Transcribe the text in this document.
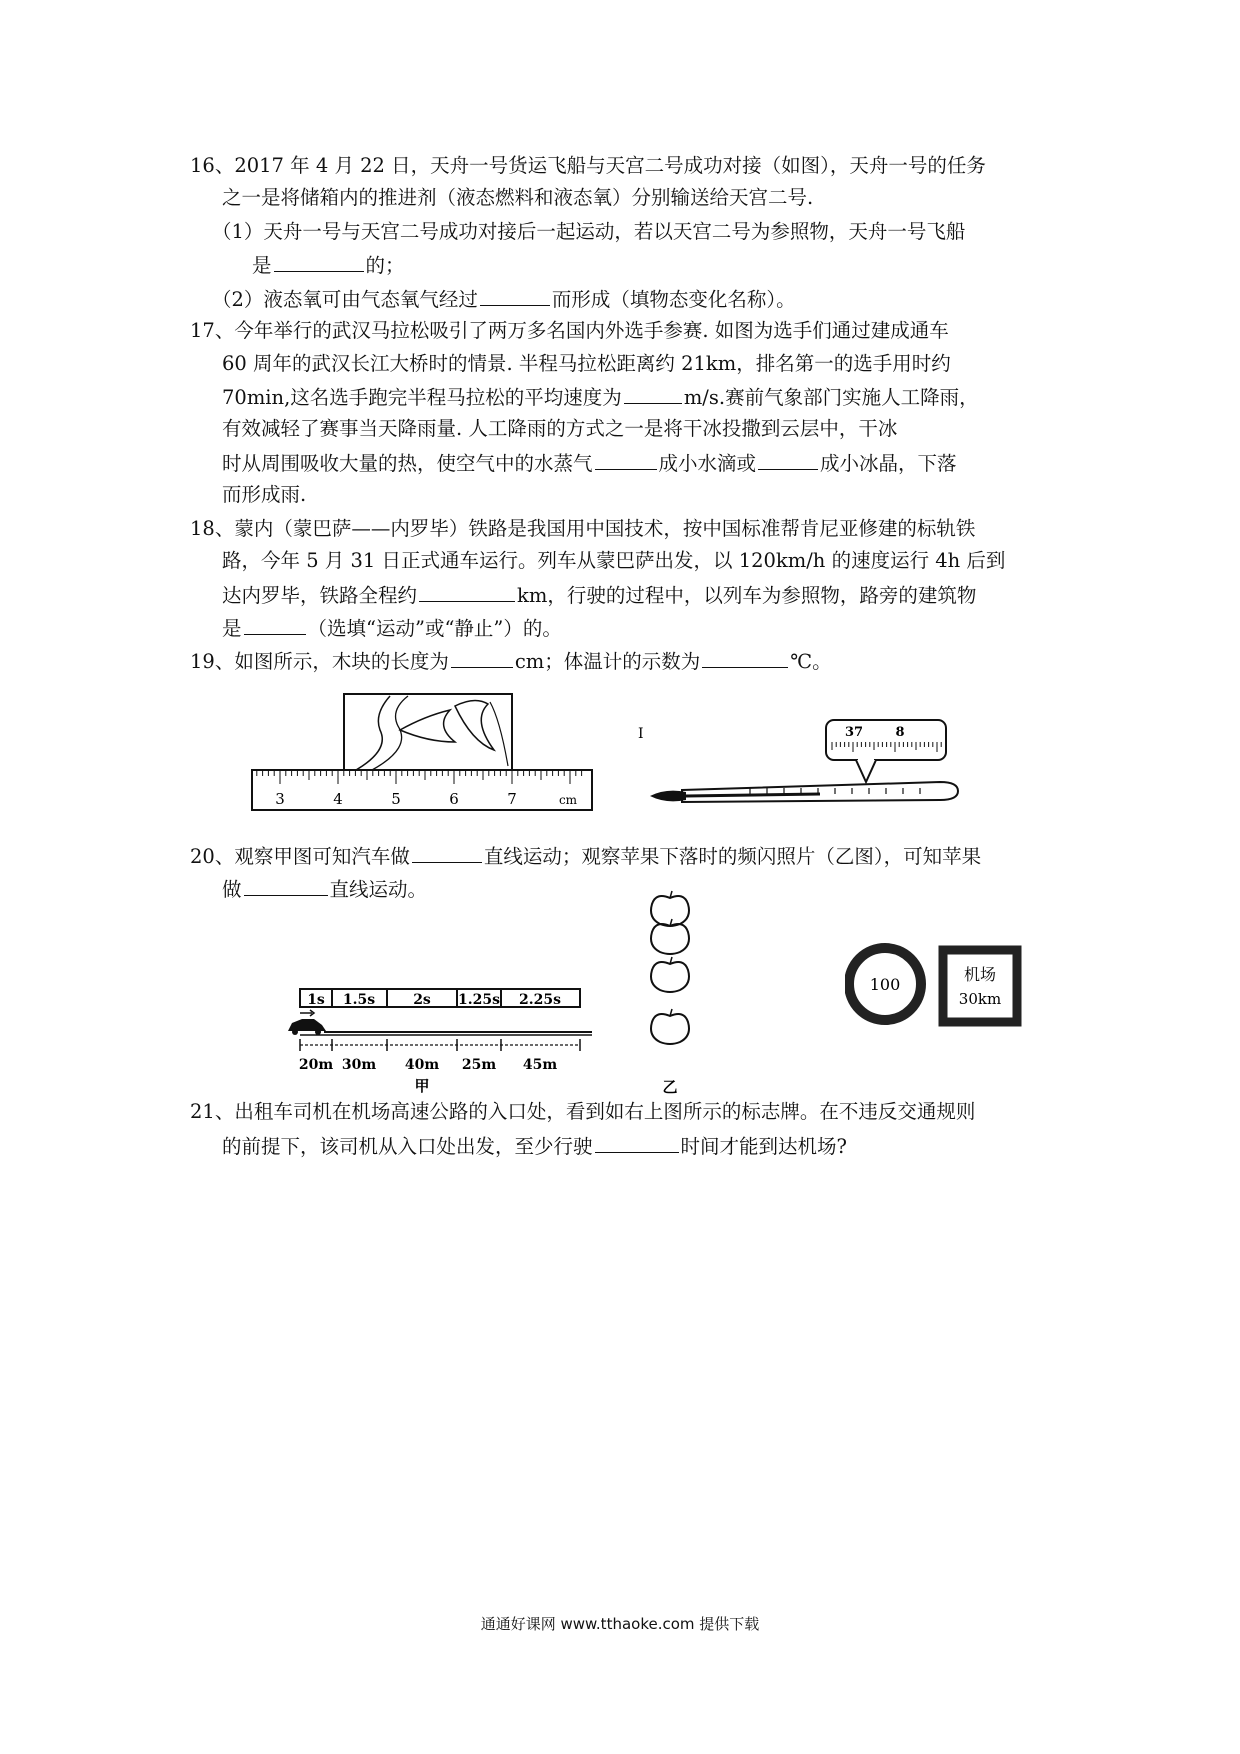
16、2017 年 4 月 22 日，天舟一号货运飞船与天宫二号成功对接（如图），天舟一号的任务
之一是将储箱内的推进剂（液态燃料和液态氧）分别输送给天宫二号.
（1）天舟一号与天宫二号成功对接后一起运动，若以天宫二号为参照物，天舟一号飞船
是	的；
（2）液态氧可由气态氧气经过	而形成（填物态变化名称）。
17、今年举行的武汉马拉松吸引了两万多名国内外选手参赛. 如图为选手们通过建成通车
60 周年的武汉长江大桥时的情景. 半程马拉松距离约 21km，排名第一的选手用时约
70min,这名选手跑完半程马拉松的平均速度为	m/s.赛前气象部门实施人工降雨，
有效减轻了赛事当天降雨量. 人工降雨的方式之一是将干冰投撒到云层中，干冰
时从周围吸收大量的热，使空气中的水蒸气	成小水滴或	成小冰晶，下落
而形成雨.
18、蒙内（蒙巴萨——内罗毕）铁路是我国用中国技术，按中国标准帮肯尼亚修建的标轨铁
路，今年 5 月 31 日正式通车运行。列车从蒙巴萨出发，以 120km/h 的速度运行 4h 后到
达内罗毕，铁路全程约	km，行驶的过程中，以列车为参照物，路旁的建筑物
是	（选填“运动”或“静止”）的。
19、如图所示，木块的长度为	cm；体温计的示数为	℃。
3	4	5	6	7	cm
I	37 8
20、观察甲图可知汽车做	直线运动；观察苹果下落时的频闪照片（乙图），可知苹果
做	直线运动。
1s 1.5s	2s 1.25s 2.25s
20m 30m 40m 25m 45m
甲	乙
100
机场
30km
21、出租车司机在机场高速公路的入口处，看到如右上图所示的标志牌。在不违反交通规则
的前提下，该司机从入口处出发，至少行驶	时间才能到达机场?
通通好课网 www.tthaoke.com 提供下载
